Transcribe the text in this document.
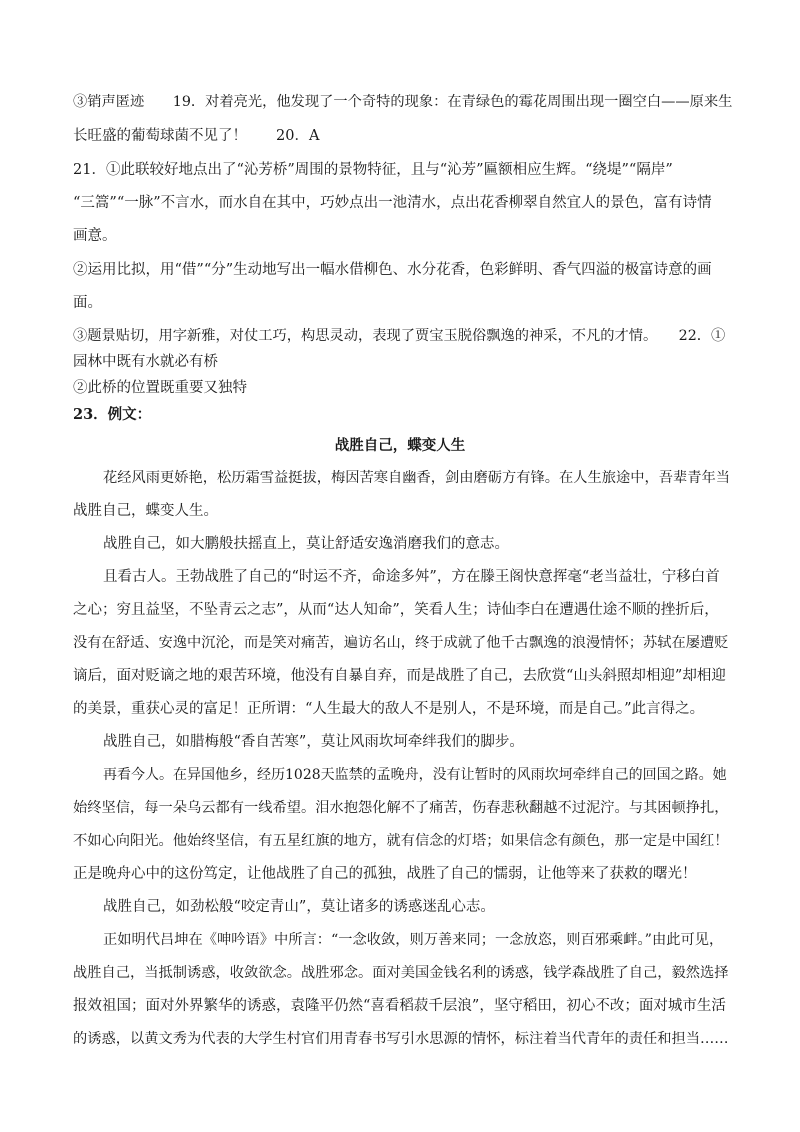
③销声匿迹　　19．对着亮光，他发现了一个奇特的现象：在青绿色的霉花周围出现一圈空白——原来生
长旺盛的葡萄球菌不见了！　　20．A
21．①此联较好地点出了“沁芳桥”周围的景物特征，且与“沁芳”匾额相应生辉。“绕堤”“隔岸”
“三篙”“一脉”不言水，而水自在其中，巧妙点出一池清水，点出花香柳翠自然宜人的景色，富有诗情
画意。
②运用比拟，用“借”“分”生动地写出一幅水借柳色、水分花香，色彩鲜明、香气四溢的极富诗意的画
面。
③题景贴切，用字新雅，对仗工巧，构思灵动，表现了贾宝玉脱俗飘逸的神采，不凡的才情。　　22．①
园林中既有水就必有桥
②此桥的位置既重要又独特
23．例文：
战胜自己，蝶变人生
花经风雨更娇艳，松历霜雪益挺拔，梅因苦寒自幽香，剑由磨砺方有锋。在人生旅途中，吾辈青年当
战胜自己，蝶变人生。
战胜自己，如大鹏般扶摇直上，莫让舒适安逸消磨我们的意志。
且看古人。王勃战胜了自己的“时运不齐，命途多舛”，方在滕王阁快意挥毫“老当益壮，宁移白首
之心；穷且益坚，不坠青云之志”，从而“达人知命”，笑看人生；诗仙李白在遭遇仕途不顺的挫折后，
没有在舒适、安逸中沉沦，而是笑对痛苦，遍访名山，终于成就了他千古飘逸的浪漫情怀；苏轼在屡遭贬
谪后，面对贬谪之地的艰苦环境，他没有自暴自弃，而是战胜了自己，去欣赏“山头斜照却相迎”却相迎
的美景，重获心灵的富足！正所谓：“人生最大的敌人不是别人，不是环境，而是自己。”此言得之。
战胜自己，如腊梅般“香自苦寒”，莫让风雨坎坷牵绊我们的脚步。
再看今人。在异国他乡，经历1028天监禁的孟晚舟，没有让暂时的风雨坎坷牵绊自己的回国之路。她
始终坚信，每一朵乌云都有一线希望。泪水抱怨化解不了痛苦，伤春悲秋翻越不过泥泞。与其困顿挣扎，
不如心向阳光。他始终坚信，有五星红旗的地方，就有信念的灯塔；如果信念有颜色，那一定是中国红！
正是晚舟心中的这份笃定，让他战胜了自己的孤独，战胜了自己的懦弱，让他等来了获救的曙光！
战胜自己，如劲松般“咬定青山”，莫让诸多的诱惑迷乱心志。
正如明代吕坤在《呻吟语》中所言：“一念收敛，则万善来同；一念放恣，则百邪乘衅。”由此可见，
战胜自己，当抵制诱惑，收敛欲念。战胜邪念。面对美国金钱名利的诱惑，钱学森战胜了自己，毅然选择
报效祖国；面对外界繁华的诱惑，袁隆平仍然“喜看稻菽千层浪”，坚守稻田，初心不改；面对城市生活
的诱惑，以黄文秀为代表的大学生村官们用青春书写引水思源的情怀，标注着当代青年的责任和担当……
